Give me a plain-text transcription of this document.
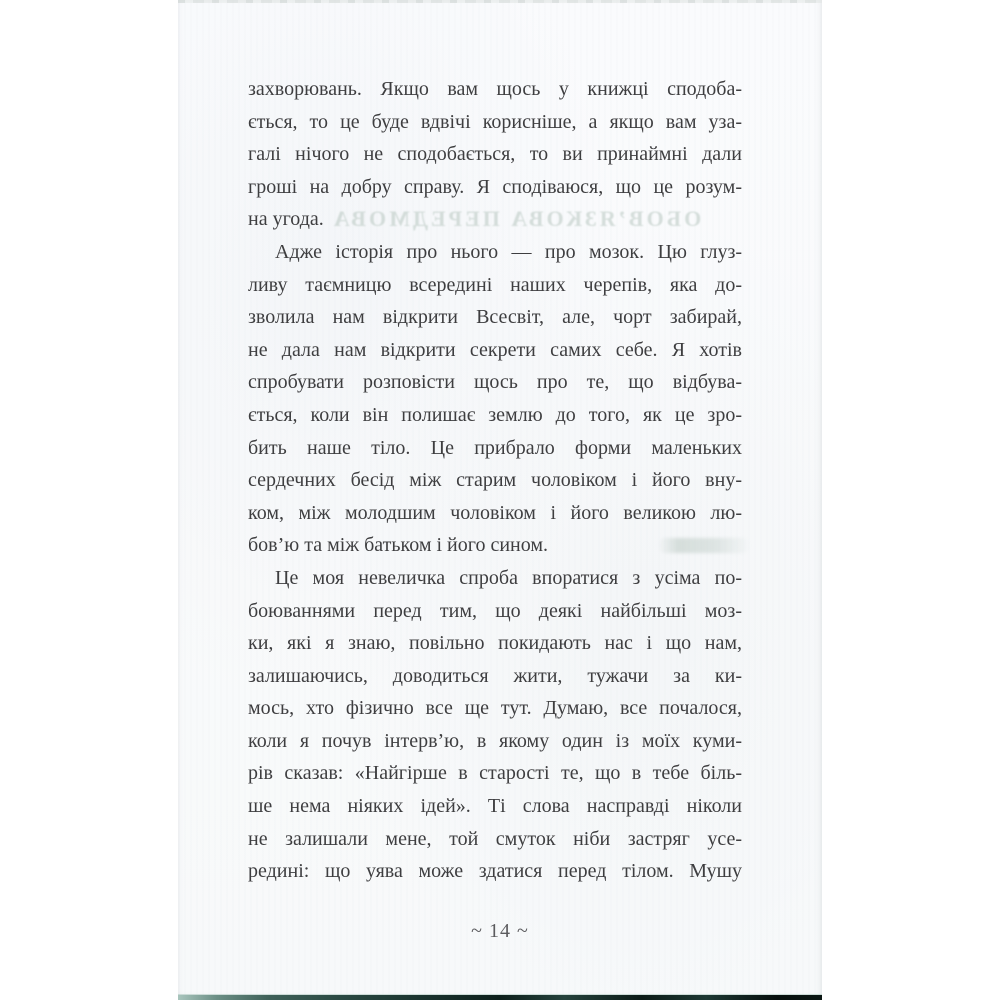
ОБОВ’ЯЗКОВА ПЕРЕДМОВА
захворювань. Якщо вам щось у книжці сподоба-
ється, то це буде вдвічі корисніше, а якщо вам уза-
галі нічого не сподобається, то ви принаймні дали
гроші на добру справу. Я сподіваюся, що це розум-
на угода.
Адже історія про нього — про мозок. Цю глуз-
ливу таємницю всередині наших черепів, яка до-
зволила нам відкрити Всесвіт, але, чорт забирай,
не дала нам відкрити секрети самих себе. Я хотів
спробувати розповісти щось про те, що відбува-
ється, коли він полишає землю до того, як це зро-
бить наше тіло. Це прибрало форми маленьких
сердечних бесід між старим чоловіком і його вну-
ком, між молодшим чоловіком і його великою лю-
бов’ю та між батьком і його сином.
Це моя невеличка спроба впоратися з усіма по-
боюваннями перед тим, що деякі найбільші моз-
ки, які я знаю, повільно покидають нас і що нам,
залишаючись, доводиться жити, тужачи за ки-
мось, хто фізично все ще тут. Думаю, все почалося,
коли я почув інтерв’ю, в якому один із моїх куми-
рів сказав: «Найгірше в старості те, що в тебе біль-
ше нема ніяких ідей». Ті слова насправді ніколи
не залишали мене, той смуток ніби застряг усе-
редині: що уява може здатися перед тілом. Мушу
~ 14 ~
